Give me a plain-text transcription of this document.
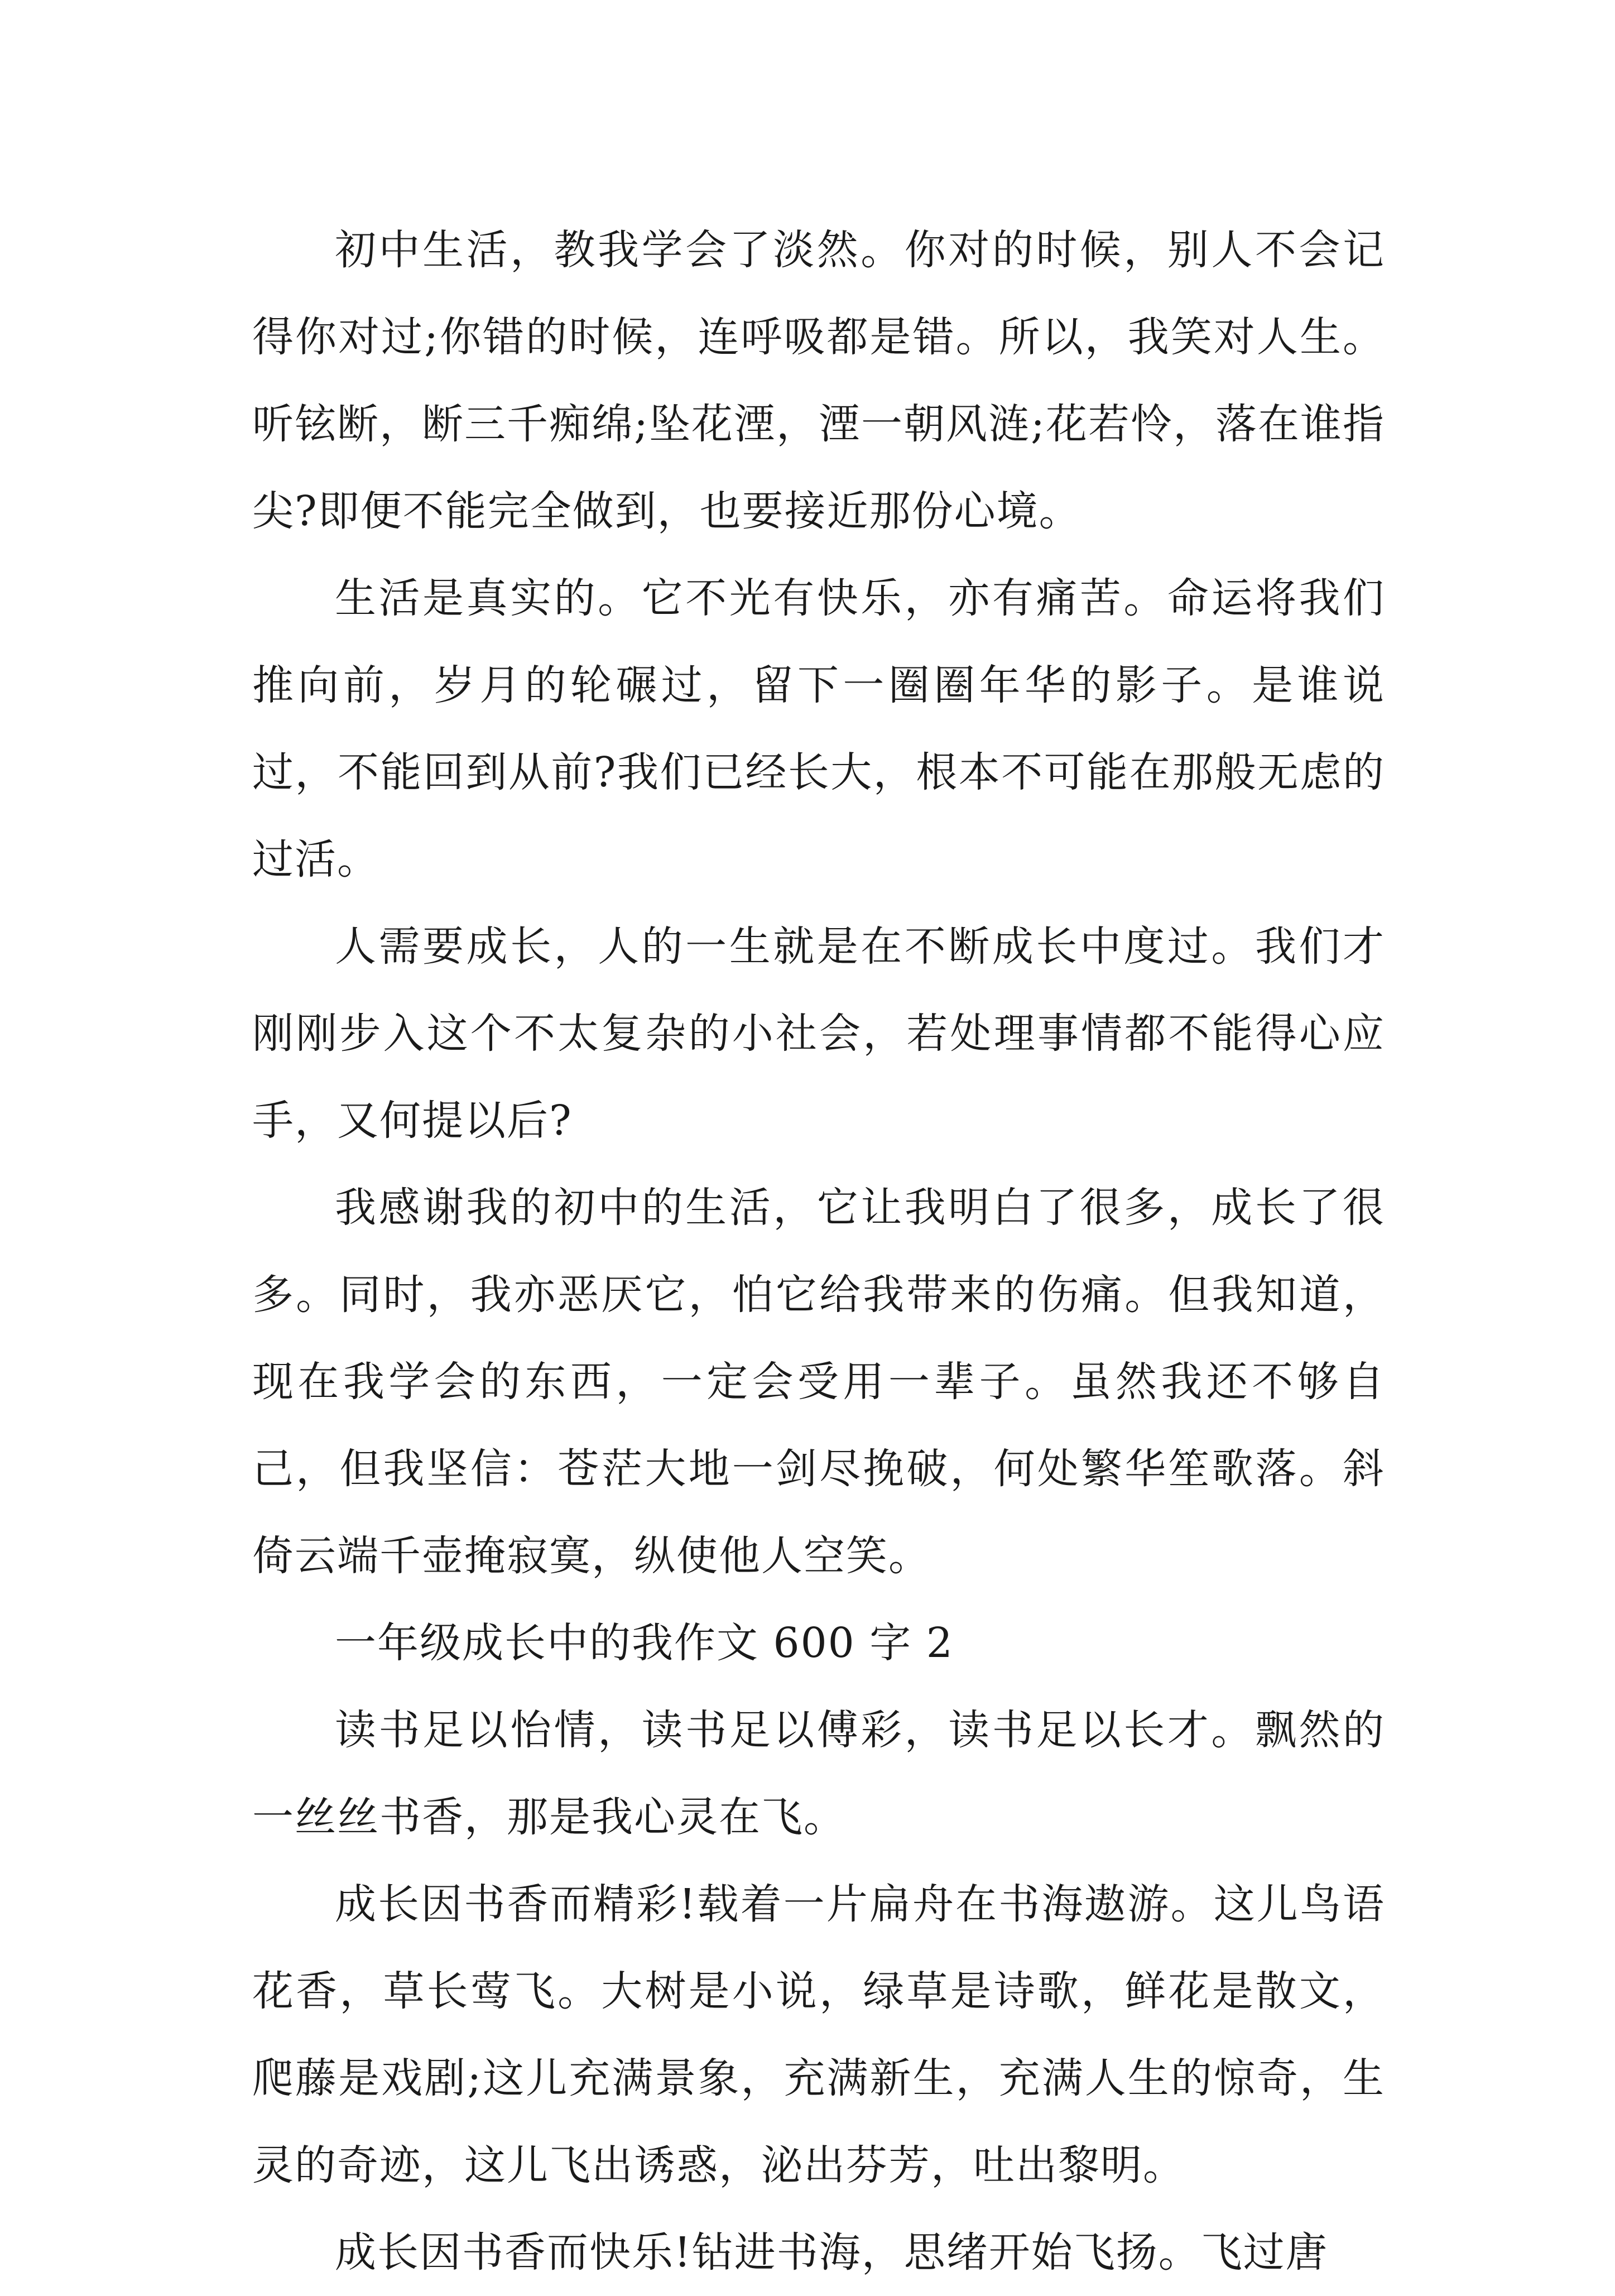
初中生活，教我学会了淡然。你对的时候，别人不会记得你对过;你错的时候，连呼吸都是错。所以，我笑对人生。听铉断，断三千痴绵;坠花湮，湮一朝风涟;花若怜，落在谁指尖?即便不能完全做到，也要接近那份心境。

生活是真实的。它不光有快乐，亦有痛苦。命运将我们推向前，岁月的轮碾过，留下一圈圈年华的影子。是谁说过，不能回到从前?我们已经长大，根本不可能在那般无虑的过活。

人需要成长，人的一生就是在不断成长中度过。我们才刚刚步入这个不太复杂的小社会，若处理事情都不能得心应手，又何提以后?

我感谢我的初中的生活，它让我明白了很多，成长了很多。同时，我亦恶厌它，怕它给我带来的伤痛。但我知道，现在我学会的东西，一定会受用一辈子。虽然我还不够自己，但我坚信：苍茫大地一剑尽挽破，何处繁华笙歌落。斜倚云端千壶掩寂寞，纵使他人空笑。

一年级成长中的我作文 600 字 2

读书足以怡情，读书足以傅彩，读书足以长才。飘然的一丝丝书香，那是我心灵在飞。

成长因书香而精彩!载着一片扁舟在书海遨游。这儿鸟语花香，草长莺飞。大树是小说，绿草是诗歌，鲜花是散文，爬藤是戏剧;这儿充满景象，充满新生，充满人生的惊奇，生灵的奇迹，这儿飞出诱惑，泌出芬芳，吐出黎明。

成长因书香而快乐!钻进书海，思绪开始飞扬。飞过唐
